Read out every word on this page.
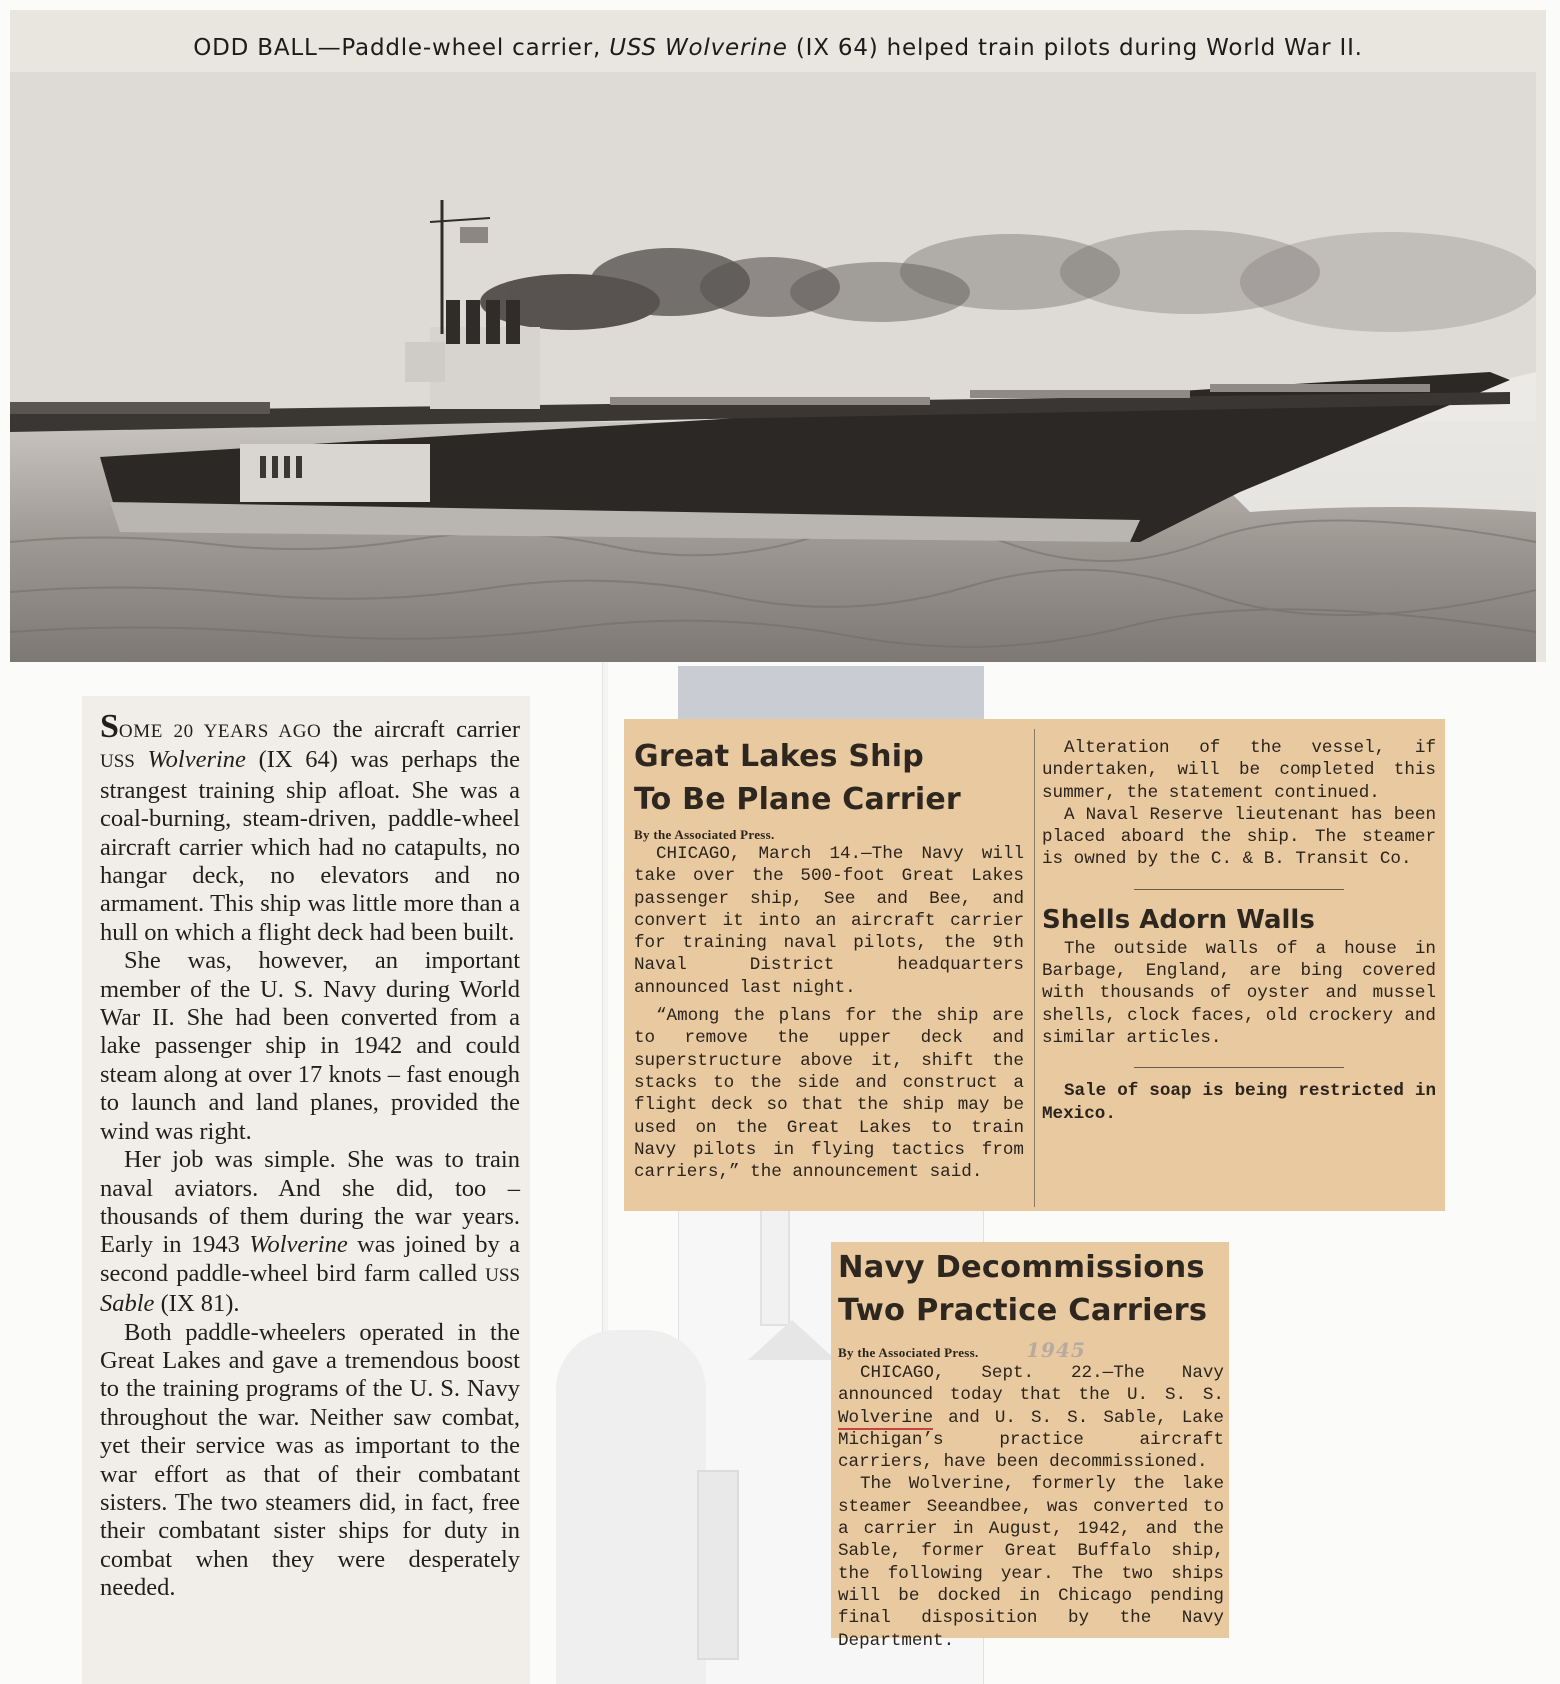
ODD BALL—Paddle-wheel carrier, USS Wolverine (IX 64) helped train pilots during World War II.

SOME 20 YEARS AGO the aircraft carrier USS Wolverine (IX 64) was perhaps the strangest training ship afloat. She was a coal-burning, steam-driven, paddle-wheel aircraft carrier which had no catapults, no hangar deck, no elevators and no armament. This ship was little more than a hull on which a flight deck had been built.

She was, however, an important member of the U. S. Navy during World War II. She had been converted from a lake passenger ship in 1942 and could steam along at over 17 knots – fast enough to launch and land planes, provided the wind was right.

Her job was simple. She was to train naval aviators. And she did, too – thousands of them during the war years. Early in 1943 Wolverine was joined by a second paddle-wheel bird farm called USS Sable (IX 81).

Both paddle-wheelers operated in the Great Lakes and gave a tremendous boost to the training programs of the U. S. Navy throughout the war. Neither saw combat, yet their service was as important to the war effort as that of their combatant sisters. The two steamers did, in fact, free their combatant sister ships for duty in combat when they were desperately needed.

Great Lakes Ship
To Be Plane Carrier
By the Associated Press.

CHICAGO, March 14.—The Navy will take over the 500-foot Great Lakes passenger ship, See and Bee, and convert it into an aircraft carrier for training naval pilots, the 9th Naval District headquarters announced last night.

“Among the plans for the ship are to remove the upper deck and superstructure above it, shift the stacks to the side and construct a flight deck so that the ship may be used on the Great Lakes to train Navy pilots in flying tactics from carriers,” the announcement said.

Alteration of the vessel, if undertaken, will be completed this summer, the statement continued.

A Naval Reserve lieutenant has been placed aboard the ship. The steamer is owned by the C. & B. Transit Co.

Shells Adorn Walls

The outside walls of a house in Barbage, England, are bing covered with thousands of oyster and mussel shells, clock faces, old crockery and similar articles.

Sale of soap is being restricted in Mexico.

Navy Decommissions
Two Practice Carriers
By the Associated Press. 1945

CHICAGO, Sept. 22.—The Navy announced today that the U. S. S. Wolverine and U. S. S. Sable, Lake Michigan’s practice aircraft carriers, have been decommissioned.

The Wolverine, formerly the lake steamer Seeandbee, was converted to a carrier in August, 1942, and the Sable, former Great Buffalo ship, the following year. The two ships will be docked in Chicago pending final disposition by the Navy Department.
